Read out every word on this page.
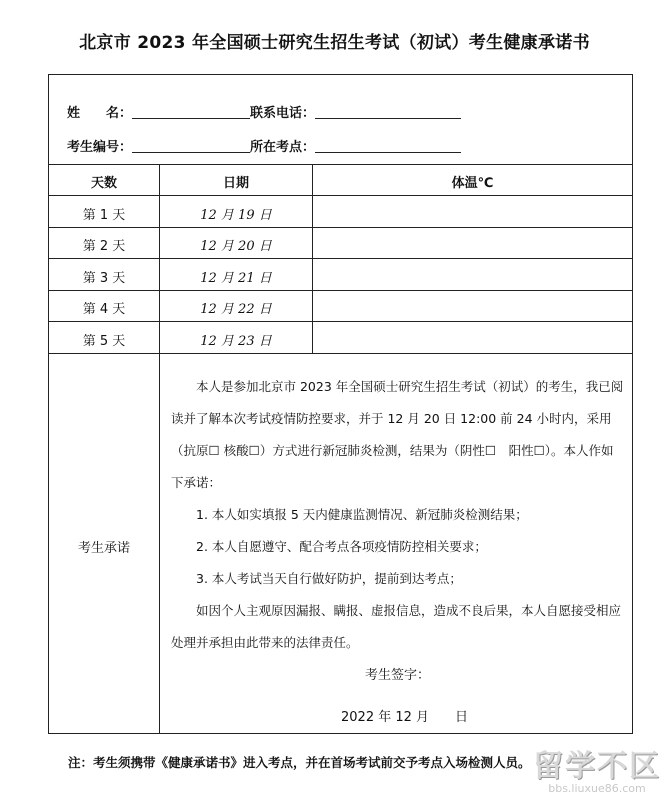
北京市 2023 年全国硕士研究生招生考试（初试）考生健康承诺书
姓　　名：	联系电话：
考生编号：	所在考点：
天数	日期	体温℃
第 1 天	12 月 19 日
第 2 天	12 月 20 日
第 3 天	12 月 21 日
第 4 天	12 月 22 日
第 5 天	12 月 23 日
考生承诺

本人是参加北京市 2023 年全国硕士研究生招生考试（初试）的考生，我已阅读并了解本次考试疫情防控要求，并于 12 月 20 日 12:00 前 24 小时内，采用（抗原☐ 核酸☐）方式进行新冠肺炎检测，结果为（阴性☐　阳性☐）。本人作如下承诺：

1. 本人如实填报 5 天内健康监测情况、新冠肺炎检测结果；

2. 本人自愿遵守、配合考点各项疫情防控相关要求；

3. 本人考试当天自行做好防护，提前到达考点；

如因个人主观原因漏报、瞒报、虚报信息，造成不良后果，本人自愿接受相应处理并承担由此带来的法律责任。

考生签字：
2022 年 12 月　　日
注：考生须携带《健康承诺书》进入考点，并在首场考试前交予考点入场检测人员。 留学不区
bbs.liuxue86.com
